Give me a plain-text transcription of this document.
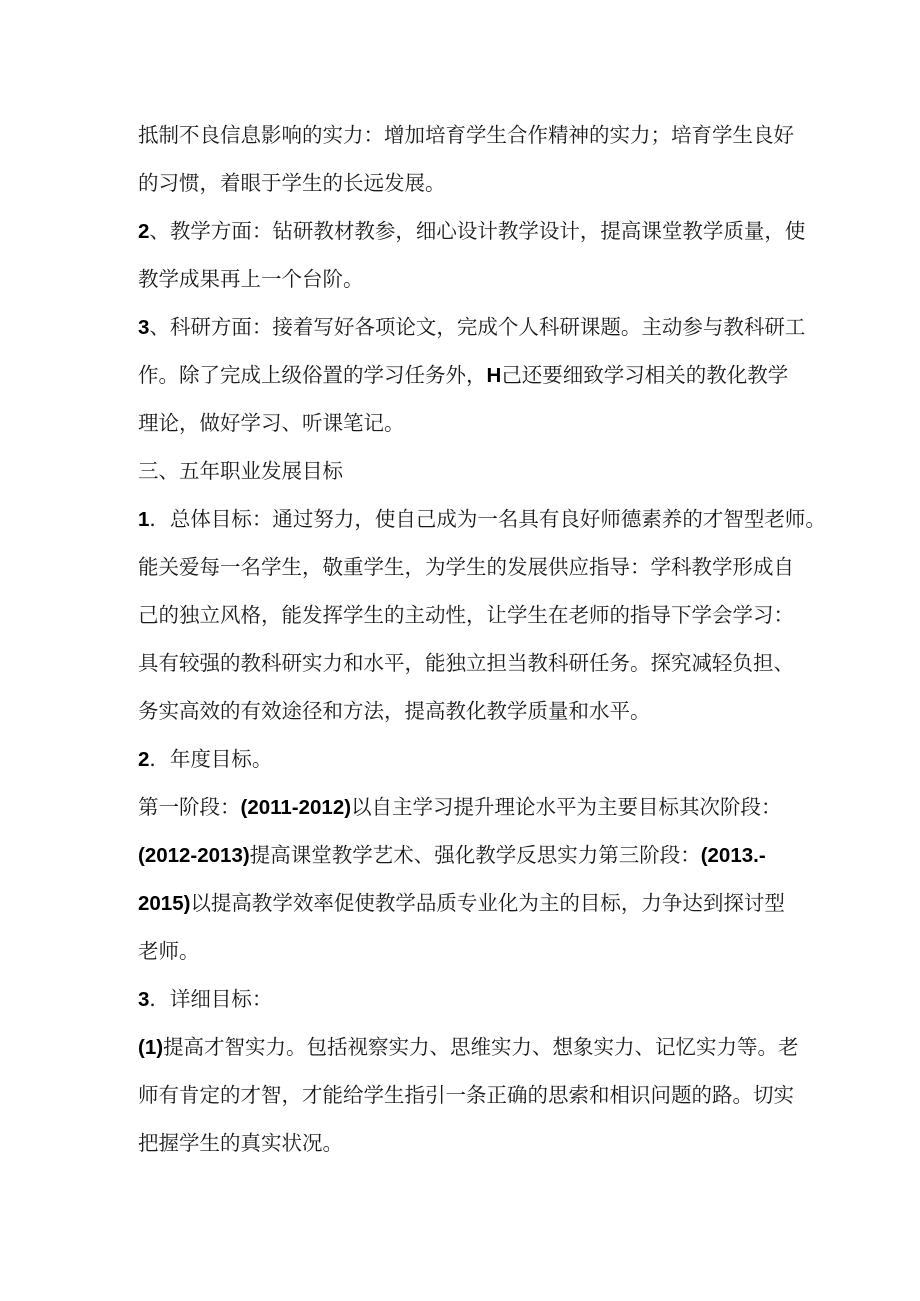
抵制不良信息影响的实力：增加培育学生合作精神的实力；培育学生良好
的习惯，着眼于学生的长远发展。
2、教学方面：钻研教材教参，细心设计教学设计，提高课堂教学质量，使
教学成果再上一个台阶。
3、科研方面：接着写好各项论文，完成个人科研课题。主动参与教科研工
作。除了完成上级俗置的学习任务外，H己还要细致学习相关的教化教学
理论，做好学习、听课笔记。
三、五年职业发展目标
1．总体目标：通过努力，使自己成为一名具有良好师德素养的才智型老师。
能关爱每一名学生，敬重学生，为学生的发展供应指导：学科教学形成自
己的独立风格，能发挥学生的主动性，让学生在老师的指导下学会学习：
具有较强的教科研实力和水平，能独立担当教科研任务。探究减轻负担、
务实高效的有效途径和方法，提高教化教学质量和水平。
2．年度目标。
第一阶段：(2011-2012)以自主学习提升理论水平为主要目标其次阶段：
(2012-2013)提高课堂教学艺术、强化教学反思实力第三阶段：(2013.-
2015)以提高教学效率促使教学品质专业化为主的目标，力争达到探讨型
老师。
3．详细目标：
(1)提高才智实力。包括视察实力、思维实力、想象实力、记忆实力等。老
师有肯定的才智，才能给学生指引一条正确的思索和相识问题的路。切实
把握学生的真实状况。
